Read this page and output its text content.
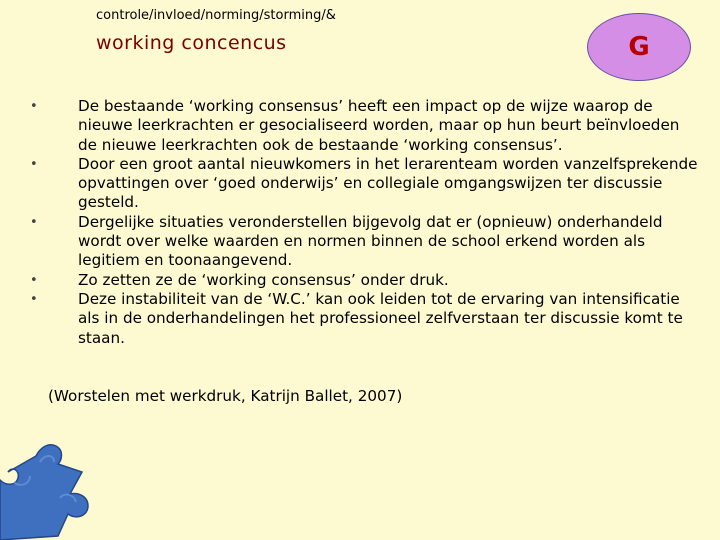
controle/invloed/norming/storming/&
working concencus	G
•	De bestaande ‘working consensus’ heeft een impact op de wijze waarop de nieuwe leerkrachten er gesocialiseerd worden, maar op hun beurt beïnvloeden de nieuwe leerkrachten ook de bestaande ‘working consensus’.
•	Door een groot aantal nieuwkomers in het lerarenteam worden vanzelfsprekende opvattingen over ‘goed onderwijs’ en collegiale omgangswijzen ter discussie gesteld.
•	Dergelijke situaties veronderstellen bijgevolg dat er (opnieuw) onderhandeld wordt over welke waarden en normen binnen de school erkend worden als legitiem en toonaangevend.
•	Zo zetten ze de ‘working consensus’ onder druk.
•	Deze instabiliteit van de ‘W.C.’ kan ook leiden tot de ervaring van intensificatie als in de onderhandelingen het professioneel zelfverstaan ter discussie komt te staan.
(Worstelen met werkdruk, Katrijn Ballet, 2007)
